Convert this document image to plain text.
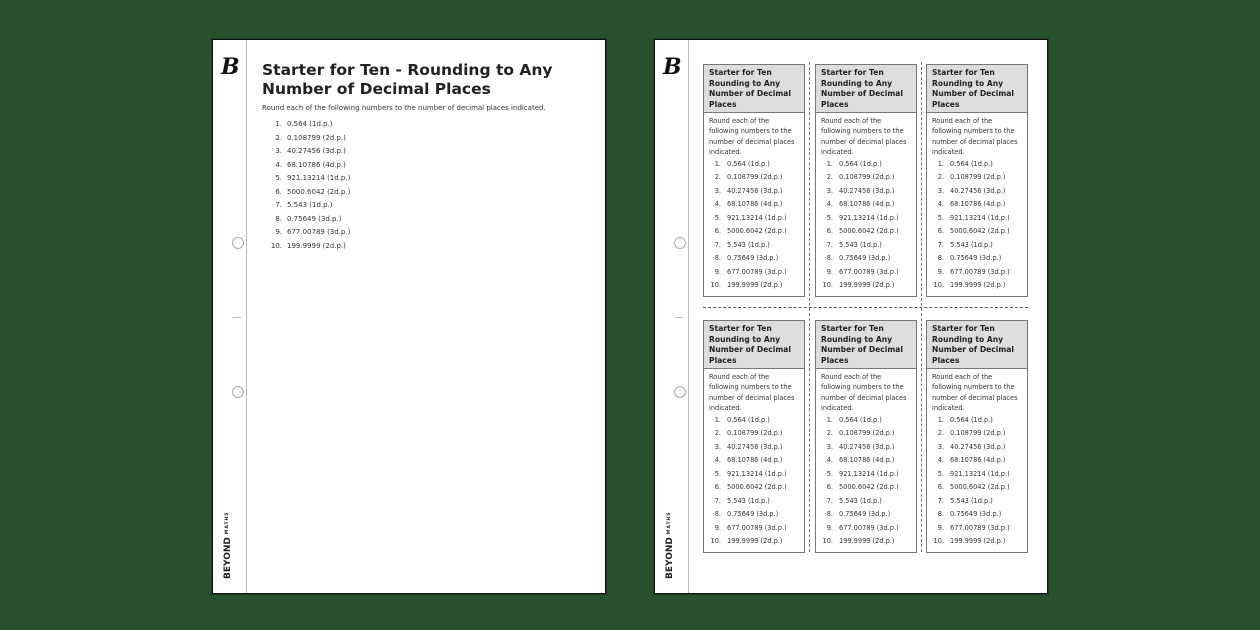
B
BEYONDMATHS
Starter for Ten - Rounding to Any Number of Decimal Places
Round each of the following numbers to the number of decimal places indicated.
1. 0.564 (1d.p.)
2. 0.108799 (2d.p.)
3. 40.27456 (3d.p.)
4. 68.10786 (4d.p.)
5. 921.13214 (1d.p.)
6. 5000.6042 (2d.p.)
7. 5.543 (1d.p.)
8. 0.75649 (3d.p.)
9. 677.00789 (3d.p.)
10. 199.9999 (2d.p.)
B
BEYONDMATHS
Starter for Ten Rounding to Any Number of Decimal Places
Round each of the following numbers to the number of decimal places indicated.
1. 0.564 (1d.p.)
2. 0.108799 (2d.p.)
3. 40.27456 (3d.p.)
4. 68.10786 (4d.p.)
5. 921.13214 (1d.p.)
6. 5000.6042 (2d.p.)
7. 5.543 (1d.p.)
8. 0.75649 (3d.p.)
9. 677.00789 (3d.p.)
10. 199.9999 (2d.p.)
Starter for Ten Rounding to Any Number of Decimal Places
Round each of the following numbers to the number of decimal places indicated.
1. 0.564 (1d.p.)
2. 0.108799 (2d.p.)
3. 40.27456 (3d.p.)
4. 68.10786 (4d.p.)
5. 921.13214 (1d.p.)
6. 5000.6042 (2d.p.)
7. 5.543 (1d.p.)
8. 0.75649 (3d.p.)
9. 677.00789 (3d.p.)
10. 199.9999 (2d.p.)
Starter for Ten Rounding to Any Number of Decimal Places
Round each of the following numbers to the number of decimal places indicated.
1. 0.564 (1d.p.)
2. 0.108799 (2d.p.)
3. 40.27456 (3d.p.)
4. 68.10786 (4d.p.)
5. 921.13214 (1d.p.)
6. 5000.6042 (2d.p.)
7. 5.543 (1d.p.)
8. 0.75649 (3d.p.)
9. 677.00789 (3d.p.)
10. 199.9999 (2d.p.)
Starter for Ten Rounding to Any Number of Decimal Places
Round each of the following numbers to the number of decimal places indicated.
1. 0.564 (1d.p.)
2. 0.108799 (2d.p.)
3. 40.27456 (3d.p.)
4. 68.10786 (4d.p.)
5. 921.13214 (1d.p.)
6. 5000.6042 (2d.p.)
7. 5.543 (1d.p.)
8. 0.75649 (3d.p.)
9. 677.00789 (3d.p.)
10. 199.9999 (2d.p.)
Starter for Ten Rounding to Any Number of Decimal Places
Round each of the following numbers to the number of decimal places indicated.
1. 0.564 (1d.p.)
2. 0.108799 (2d.p.)
3. 40.27456 (3d.p.)
4. 68.10786 (4d.p.)
5. 921.13214 (1d.p.)
6. 5000.6042 (2d.p.)
7. 5.543 (1d.p.)
8. 0.75649 (3d.p.)
9. 677.00789 (3d.p.)
10. 199.9999 (2d.p.)
Starter for Ten Rounding to Any Number of Decimal Places
Round each of the following numbers to the number of decimal places indicated.
1. 0.564 (1d.p.)
2. 0.108799 (2d.p.)
3. 40.27456 (3d.p.)
4. 68.10786 (4d.p.)
5. 921.13214 (1d.p.)
6. 5000.6042 (2d.p.)
7. 5.543 (1d.p.)
8. 0.75649 (3d.p.)
9. 677.00789 (3d.p.)
10. 199.9999 (2d.p.)
